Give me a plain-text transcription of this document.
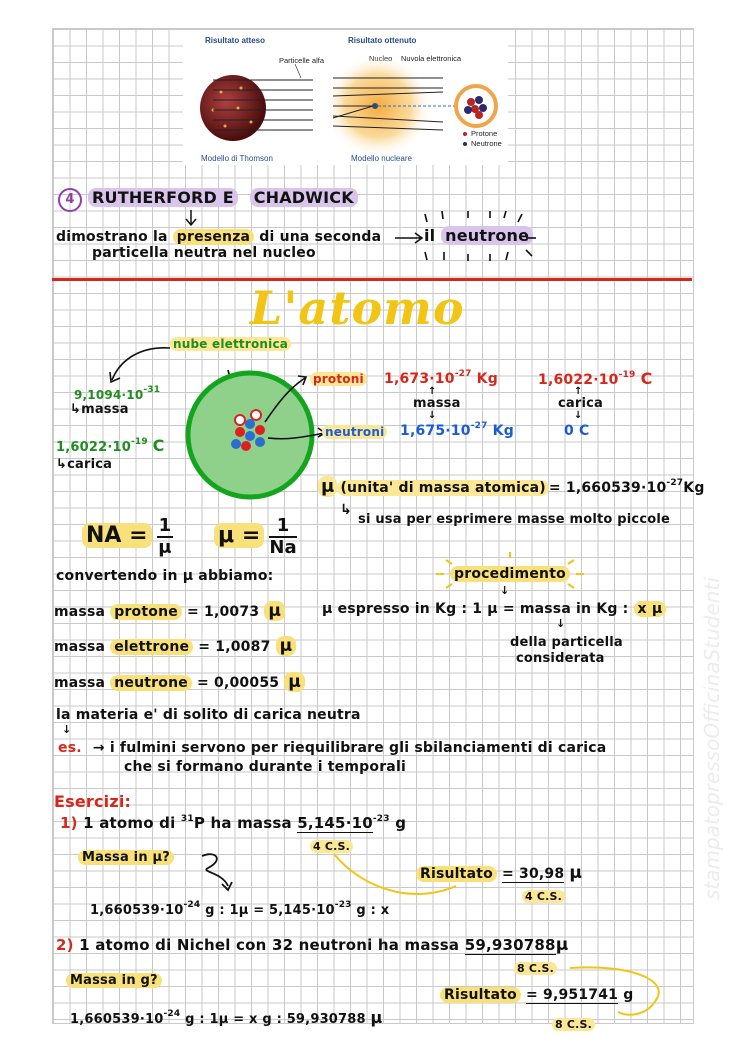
Risultato atteso	Risultato ottenuto
Particelle alfa	Nuvola elettronica
Protone
Neutrone
Modello di Thomson	Modello nucleare
4 RUTHERFORD E CHADWICK
dimostrano la presenza di una seconda
particella neutra nel nucleo
il neutrone
L'atomo
nube elettronica
$9,1094\cdot 10^{-31}$
↳massa
$1,6022\cdot 10^{-19}$ C
↳carica
protoni $1,673\cdot 10^{-27}$ Kg	$1,6022\cdot 10^{-19}$ C
massa	carica
↑
↓
↑
↓
neutroni $1,675\cdot 10^{-27}$ Kg	0 C
μ (unita' di massa atomica) = $1,660539\cdot 10^{-27}Kg$
↳
si usa per esprimere masse molto piccole
NA = $\frac{1}{\mu}$ $\mu = \frac{1}{Na}$
convertendo in μ abbiamo:
massa protone = 1,0073 μ
massa elettrone = 1,0087 μ
massa neutrone = 0,00055 μ
procedimento
↓
μ espresso in Kg : 1 μ = massa in Kg : x μ
↓
della particella
considerata
la materia e' di solito di carica neutra
↓
es. → i fulmini servono per riequilibrare gli sbilanciamenti di carica
che si formano durante i temporali
Esercizi:
1) 1 atomo di $^{31}$P ha massa $5,145\cdot 10^{-23}$ g
4 C.S.
Massa in μ?
$1,660539\cdot 10^{-24}$ g : $1\mu = 5,145\cdot 10^{-23}$ g : x
Risultato = 30,98 μ
4 C.S.
2) 1 atomo di Nichel con 32 neutroni ha massa 59,930788μ
8 C.S.
Massa in g?
Risultato = 9,951741 g
$1,660539\cdot 10^{-24}$ g : 1μ = x g : 59,930788 μ	8 C.S.
stampatopressoOfficinaStudenti
